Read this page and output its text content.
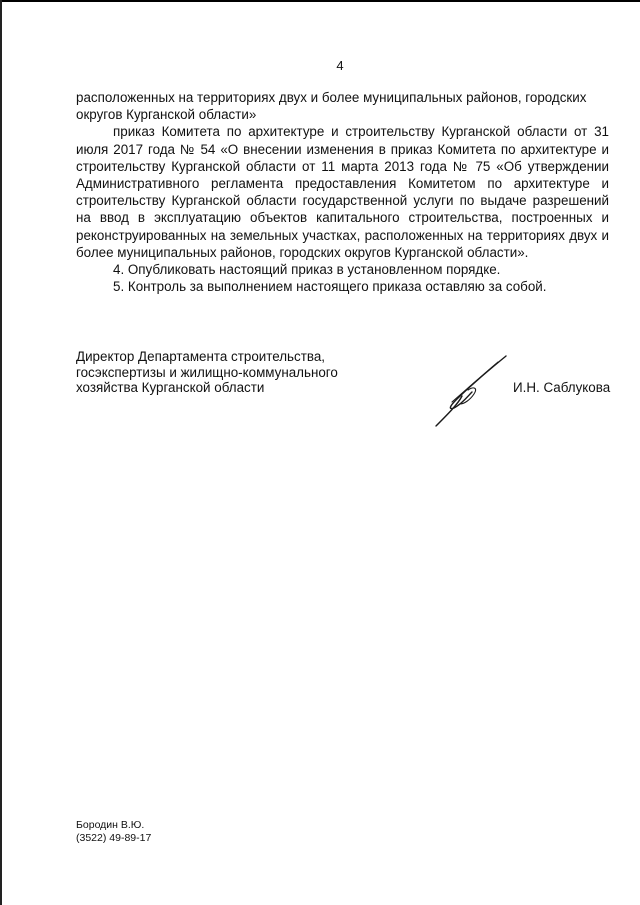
4

расположенных на территориях двух и более муниципальных районов, городских округов Курганской области»

приказ Комитета по архитектуре и строительству Курганской области от 31 июля 2017 года № 54 «О внесении изменения в приказ Комитета по архитектуре и строительству Курганской области от 11 марта 2013 года № 75 «Об утверждении Административного регламента предоставления Комитетом по архитектуре и строительству Курганской области государственной услуги по выдаче разрешений на ввод в эксплуатацию объектов капитального строительства, построенных и реконструированных на земельных участках, расположенных на территориях двух и более муниципальных районов, городских округов Курганской области».

4. Опубликовать настоящий приказ в установленном порядке.

5. Контроль за выполнением настоящего приказа оставляю за собой.

Директор Департамента строительства,
госэкспертизы и жилищно-коммунального
хозяйства Курганской области	И.Н. Саблукова
Бородин В.Ю.
(3522) 49-89-17
